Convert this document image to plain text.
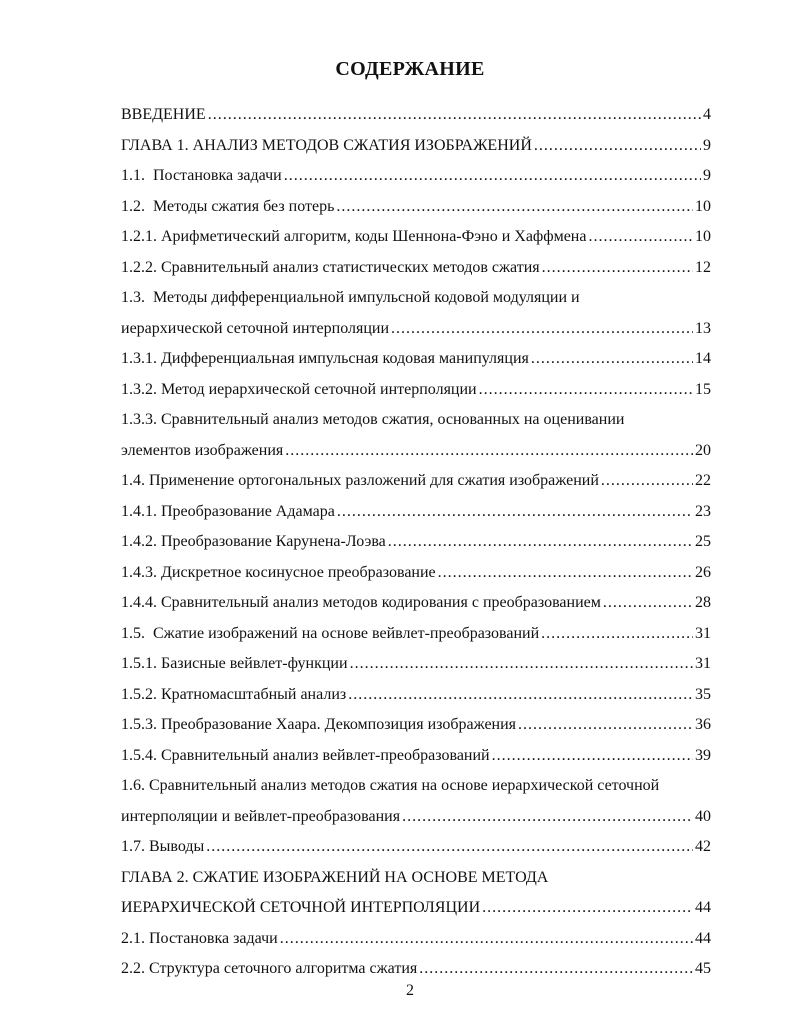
СОДЕРЖАНИЕ
ВВЕДЕНИЕ .....	4
ГЛАВА 1. АНАЛИЗ МЕТОДОВ СЖАТИЯ ИЗОБРАЖЕНИЙ .....	9
1.1.  Постановка задачи .....	9
1.2.  Методы сжатия без потерь .....	10
1.2.1. Арифметический алгоритм, коды Шеннона-Фэно и Хаффмена .....	10
1.2.2. Сравнительный анализ статистических методов сжатия .....	12
1.3.  Методы дифференциальной импульсной кодовой модуляции и
иерархической сеточной интерполяции .....	13
1.3.1. Дифференциальная импульсная кодовая манипуляция .....	14
1.3.2. Метод иерархической сеточной интерполяции .....	15
1.3.3. Сравнительный анализ методов сжатия, основанных на оценивании
элементов изображения .....	20
1.4. Применение ортогональных разложений для сжатия изображений .....	22
1.4.1. Преобразование Адамара .....	23
1.4.2. Преобразование Карунена-Лоэва .....	25
1.4.3. Дискретное косинусное преобразование .....	26
1.4.4. Сравнительный анализ методов кодирования с преобразованием .....	28
1.5.  Сжатие изображений на основе вейвлет-преобразований .....	31
1.5.1. Базисные вейвлет-функции .....	31
1.5.2. Кратномасштабный анализ .....	35
1.5.3. Преобразование Хаара. Декомпозиция изображения .....	36
1.5.4. Сравнительный анализ вейвлет-преобразований .....	39
1.6. Сравнительный анализ методов сжатия на основе иерархической сеточной
интерполяции и вейвлет-преобразования .....	40
1.7. Выводы .....	42
ГЛАВА 2. СЖАТИЕ ИЗОБРАЖЕНИЙ НА ОСНОВЕ МЕТОДА
ИЕРАРХИЧЕСКОЙ СЕТОЧНОЙ ИНТЕРПОЛЯЦИИ .....	44
2.1. Постановка задачи .....	44
2.2. Структура сеточного алгоритма сжатия .....	45
2
